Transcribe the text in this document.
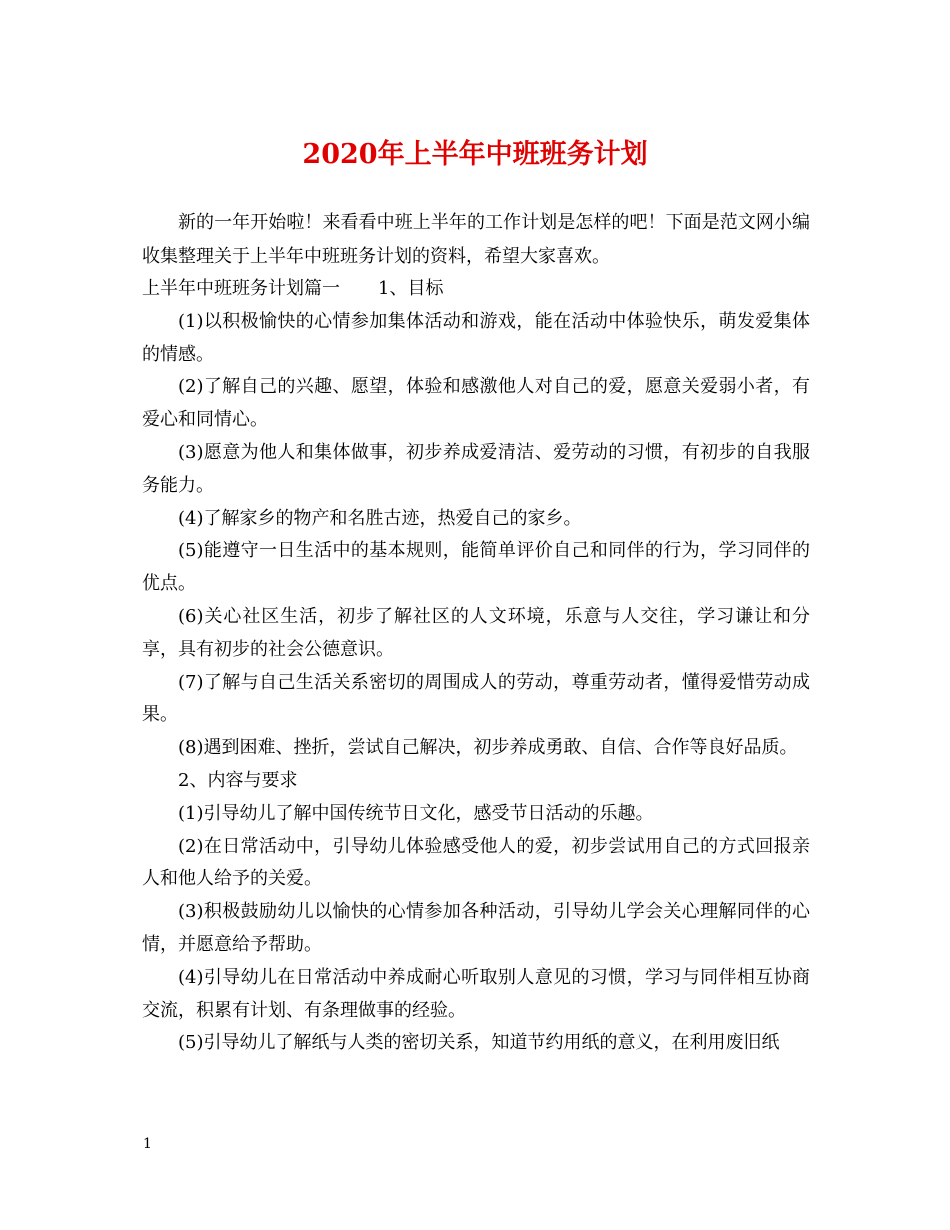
2020年上半年中班班务计划

新的一年开始啦！来看看中班上半年的工作计划是怎样的吧！下面是范文网小编收集整理关于上半年中班班务计划的资料，希望大家喜欢。

上半年中班班务计划篇一 1、目标

(1)以积极愉快的心情参加集体活动和游戏，能在活动中体验快乐，萌发爱集体的情感。

(2)了解自己的兴趣、愿望，体验和感激他人对自己的爱，愿意关爱弱小者，有爱心和同情心。

(3)愿意为他人和集体做事，初步养成爱清洁、爱劳动的习惯，有初步的自我服务能力。

(4)了解家乡的物产和名胜古迹，热爱自己的家乡。

(5)能遵守一日生活中的基本规则，能简单评价自己和同伴的行为，学习同伴的优点。

(6)关心社区生活，初步了解社区的人文环境，乐意与人交往，学习谦让和分享，具有初步的社会公德意识。

(7)了解与自己生活关系密切的周围成人的劳动，尊重劳动者，懂得爱惜劳动成果。

(8)遇到困难、挫折，尝试自己解决，初步养成勇敢、自信、合作等良好品质。

2、内容与要求

(1)引导幼儿了解中国传统节日文化，感受节日活动的乐趣。

(2)在日常活动中，引导幼儿体验感受他人的爱，初步尝试用自己的方式回报亲人和他人给予的关爱。

(3)积极鼓励幼儿以愉快的心情参加各种活动，引导幼儿学会关心理解同伴的心情，并愿意给予帮助。

(4)引导幼儿在日常活动中养成耐心听取别人意见的习惯，学习与同伴相互协商交流，积累有计划、有条理做事的经验。

(5)引导幼儿了解纸与人类的密切关系，知道节约用纸的意义，在利用废旧纸

1
